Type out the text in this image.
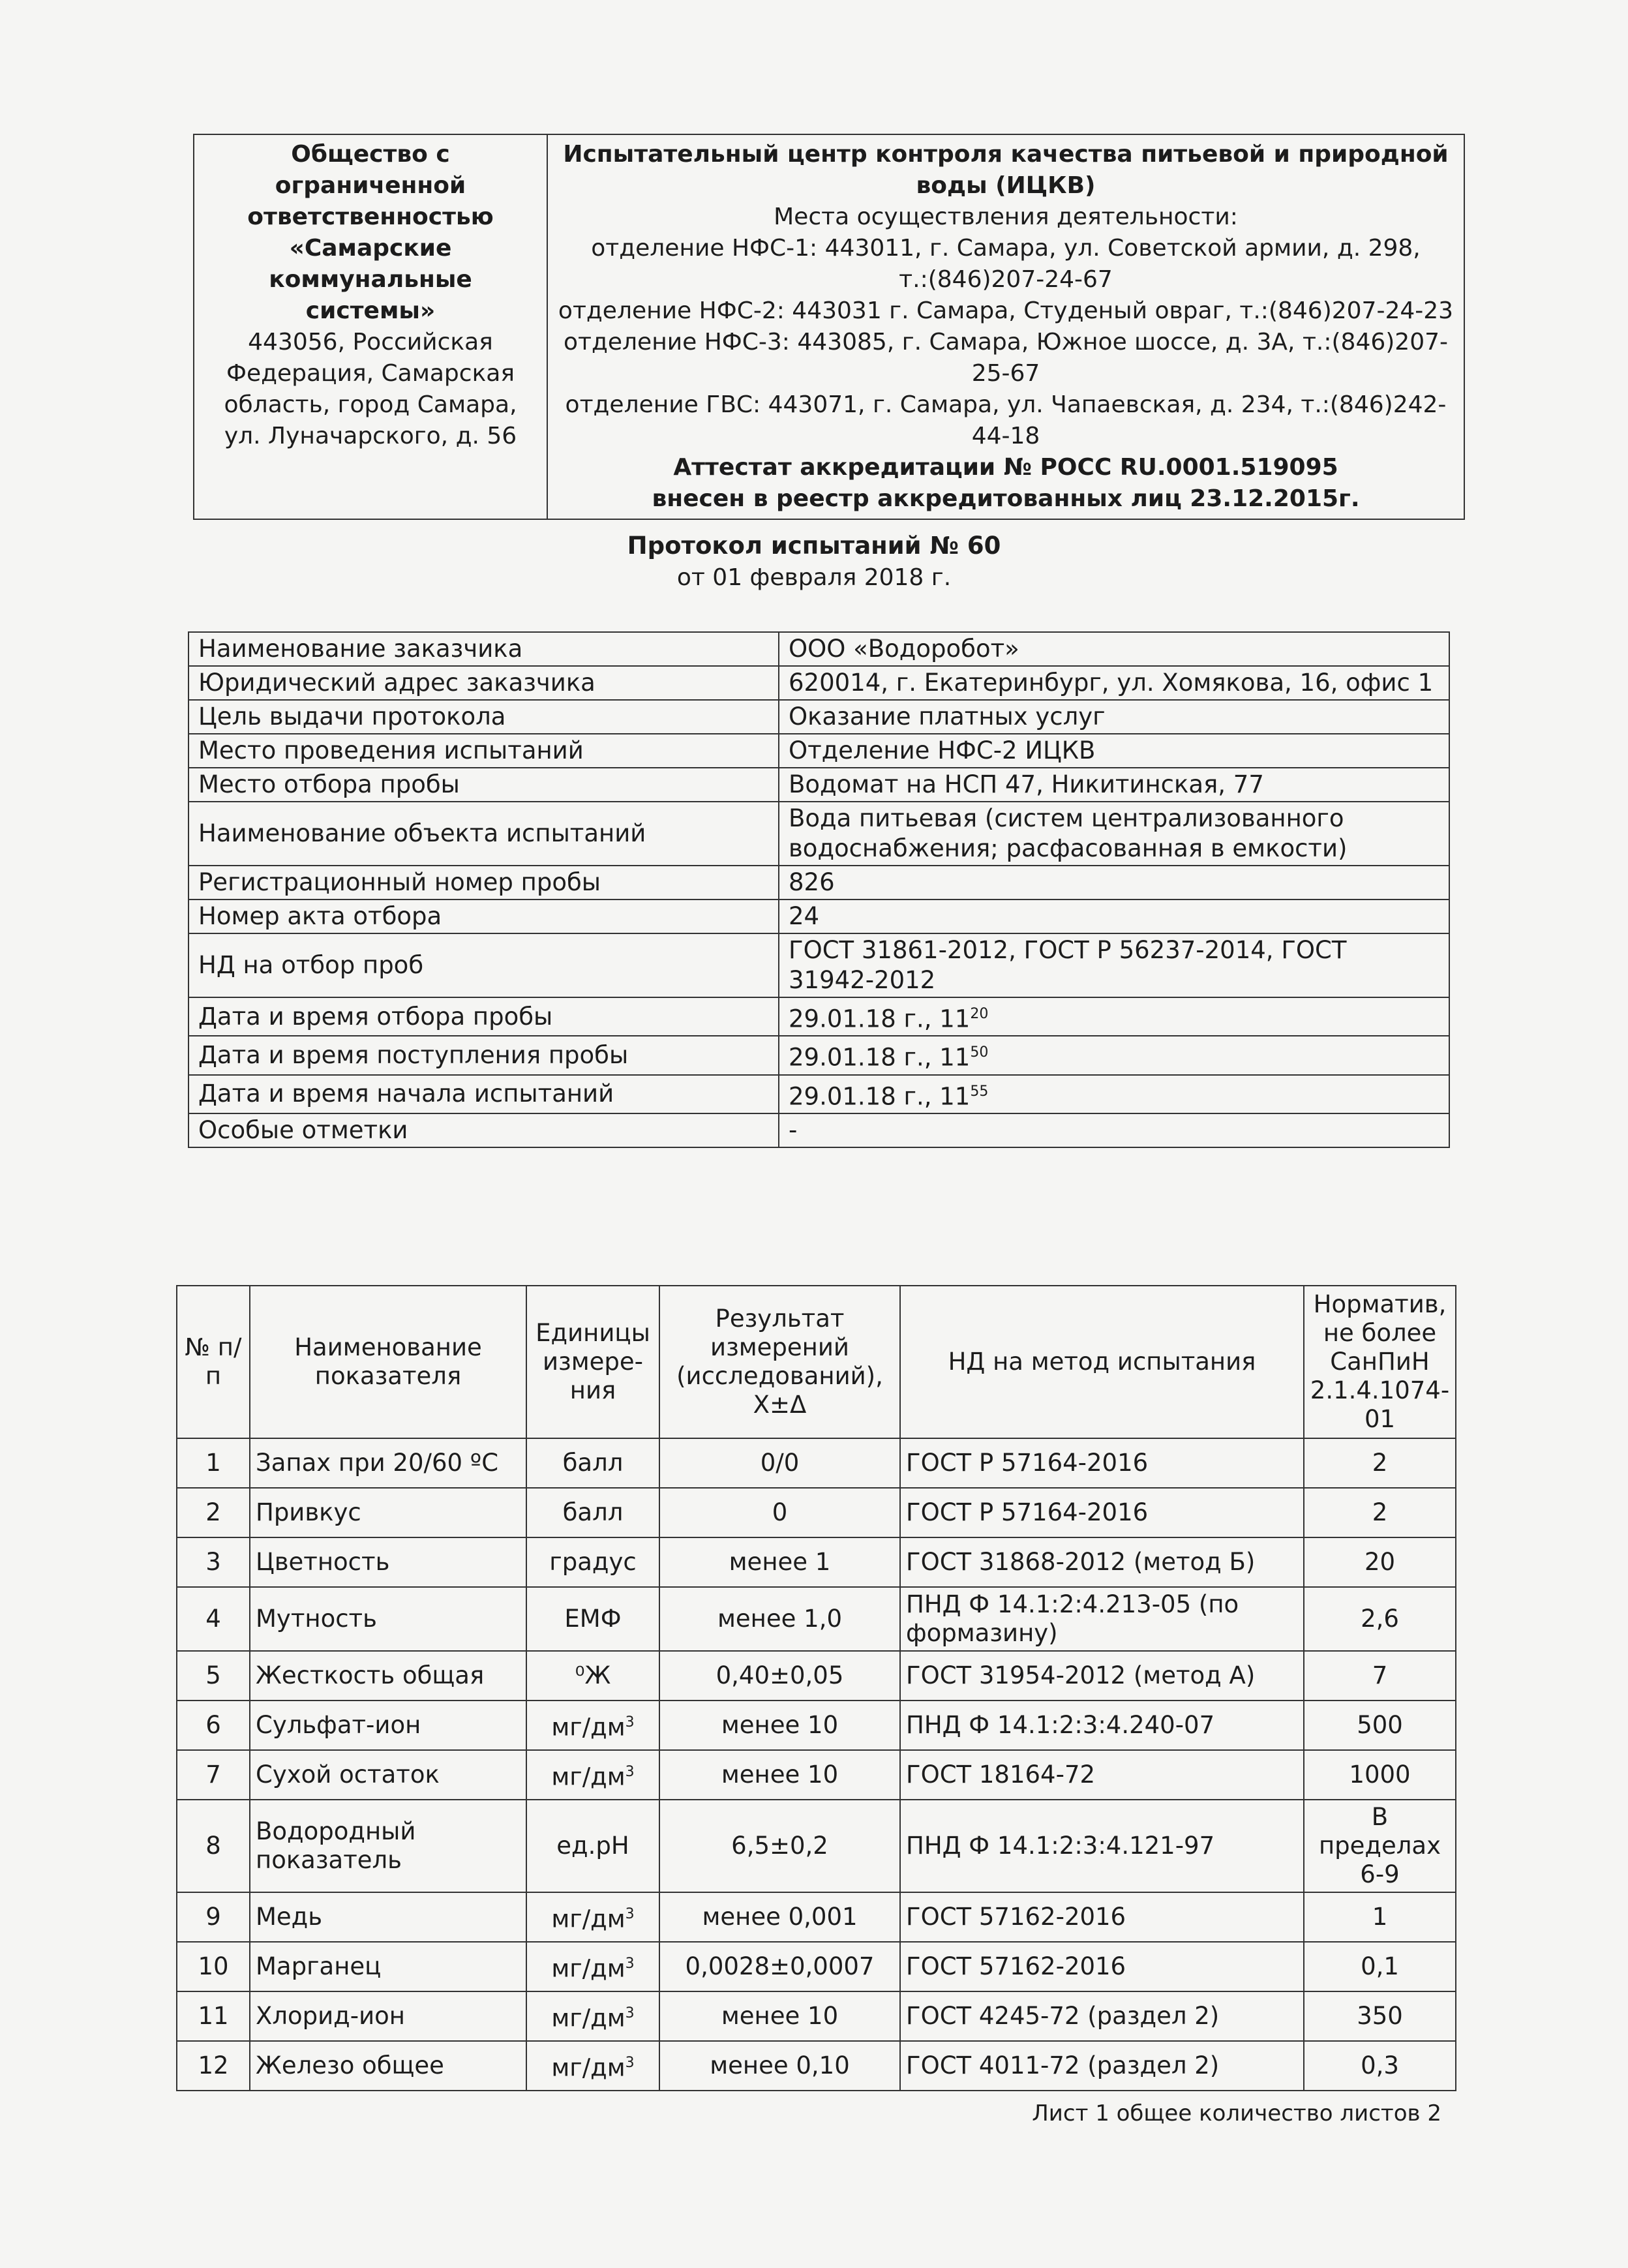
Общество с
ограниченной
ответственностью
«Самарские
коммунальные
системы»
443056, Российская
Федерация, Самарская
область, город Самара,
ул. Луначарского, д. 56

Испытательный центр контроля качества питьевой и природной
воды (ИЦКВ)
Места осуществления деятельности:
отделение НФС-1: 443011, г. Самара, ул. Советской армии, д. 298,
т.:(846)207-24-67
отделение НФС-2: 443031 г. Самара, Студеный овраг, т.:(846)207-24-23
отделение НФС-3: 443085, г. Самара, Южное шоссе, д. 3А, т.:(846)207-25-67
отделение ГВС: 443071, г. Самара, ул. Чапаевская, д. 234, т.:(846)242-44-18
Аттестат аккредитации № РОСС RU.0001.519095
внесен в реестр аккредитованных лиц 23.12.2015г.
Протокол испытаний № 60
от 01 февраля 2018 г.
Наименование заказчика	ООО «Водоробот»
Юридический адрес заказчика	620014, г. Екатеринбург, ул. Хомякова, 16, офис 1
Цель выдачи протокола	Оказание платных услуг
Место проведения испытаний	Отделение НФС-2 ИЦКВ
Место отбора пробы	Водомат на НСП 47, Никитинская, 77
Наименование объекта испытаний	Вода питьевая (систем централизованного водоснабжения; расфасованная в емкости)
Регистрационный номер пробы	826
Номер акта отбора	24
НД на отбор проб	ГОСТ 31861-2012, ГОСТ Р 56237-2014, ГОСТ 31942-2012
Дата и время отбора пробы	29.01.18 г., $11^{20}$
Дата и время поступления пробы	29.01.18 г., $11^{50}$
Дата и время начала испытаний	29.01.18 г., $11^{55}$
Особые отметки	-
№ п/п	Наименование показателя	Единицы измере-ния	Результат измерений (исследований), Х±Δ	НД на метод испытания	Норматив, не более СанПиН 2.1.4.1074-01
1	Запах при 20/60 ºС	балл	0/0	ГОСТ Р 57164-2016	2
2	Привкус	балл	0	ГОСТ Р 57164-2016	2
3	Цветность	градус	менее 1	ГОСТ 31868-2012 (метод Б)	20
4	Мутность	ЕМФ	менее 1,0	ПНД Ф 14.1:2:4.213-05 (по формазину)	2,6
5	Жесткость общая	⁰Ж	0,40±0,05	ГОСТ 31954-2012 (метод А)	7
6	Сульфат-ион	$мг/дм^3$	менее 10	ПНД Ф 14.1:2:3:4.240-07	500
7	Сухой остаток	$мг/дм^3$	менее 10	ГОСТ 18164-72	1000
8	Водородный показатель	ед.рН	6,5±0,2	ПНД Ф 14.1:2:3:4.121-97	В пределах 6-9
9	Медь	$мг/дм^3$	менее 0,001	ГОСТ 57162-2016	1
10	Марганец	$мг/дм^3$	0,0028±0,0007	ГОСТ 57162-2016	0,1
11	Хлорид-ион	$мг/дм^3$	менее 10	ГОСТ 4245-72 (раздел 2)	350
12	Железо общее	$мг/дм^3$	менее 0,10	ГОСТ 4011-72 (раздел 2)	0,3
Лист 1 общее количество листов 2
